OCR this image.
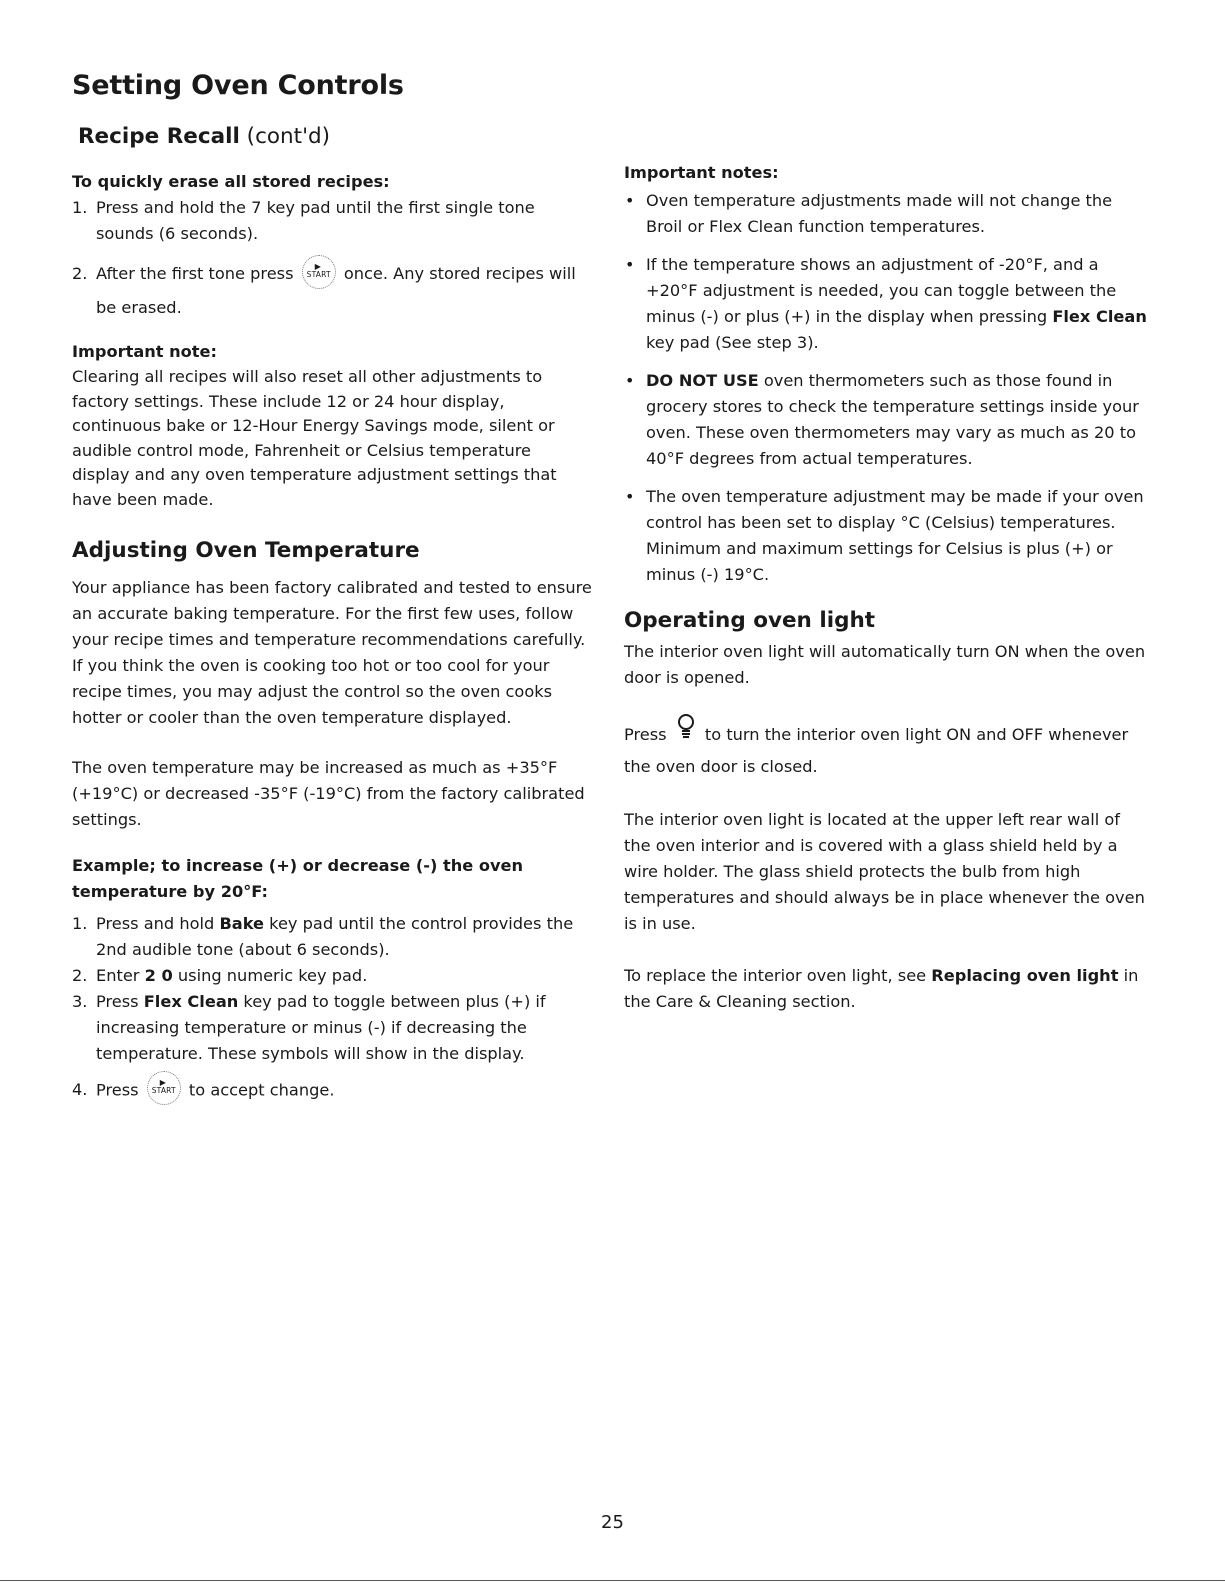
Setting Oven Controls
Recipe Recall (cont'd)
To quickly erase all stored recipes:
1. Press and hold the 7 key pad until the first single tone sounds (6 seconds).
2. After the first tone press	▶
START once. Any stored recipes will be erased.
Important note:

Clearing all recipes will also reset all other adjustments to factory settings. These include 12 or 24 hour display, continuous bake or 12-Hour Energy Savings mode, silent or audible control mode, Fahrenheit or Celsius temperature display and any oven temperature adjustment settings that have been made.

Adjusting Oven Temperature

Your appliance has been factory calibrated and tested to ensure an accurate baking temperature. For the first few uses, follow your recipe times and temperature recommendations carefully. If you think the oven is cooking too hot or too cool for your recipe times, you may adjust the control so the oven cooks hotter or cooler than the oven temperature displayed.

The oven temperature may be increased as much as +35°F (+19°C) or decreased -35°F (-19°C) from the factory calibrated settings.

Example; to increase (+) or decrease (-) the oven temperature by 20°F:
1. Press and hold Bake key pad until the control provides the 2nd audible tone (about 6 seconds).
2. Enter 2 0 using numeric key pad.
3. Press Flex Clean key pad to toggle between plus (+) if increasing temperature or minus (-) if decreasing the temperature. These symbols will show in the display.
4. Press	▶
START to accept change.
Important notes:
• Oven temperature adjustments made will not change the Broil or Flex Clean function temperatures.
• If the temperature shows an adjustment of -20°F, and a +20°F adjustment is needed, you can toggle between the minus (-) or plus (+) in the display when pressing Flex Clean key pad (See step 3).
• DO NOT USE oven thermometers such as those found in grocery stores to check the temperature settings inside your oven. These oven thermometers may vary as much as 20 to 40°F degrees from actual temperatures.
• The oven temperature adjustment may be made if your oven control has been set to display °C (Celsius) temperatures. Minimum and maximum settings for Celsius is plus (+) or minus (-) 19°C.
Operating oven light

The interior oven light will automatically turn ON when the oven door is opened.

Press to turn the interior oven light ON and OFF whenever the oven door is closed.

The interior oven light is located at the upper left rear wall of the oven interior and is covered with a glass shield held by a wire holder. The glass shield protects the bulb from high temperatures and should always be in place whenever the oven is in use.

To replace the interior oven light, see Replacing oven light in the Care & Cleaning section.

25
